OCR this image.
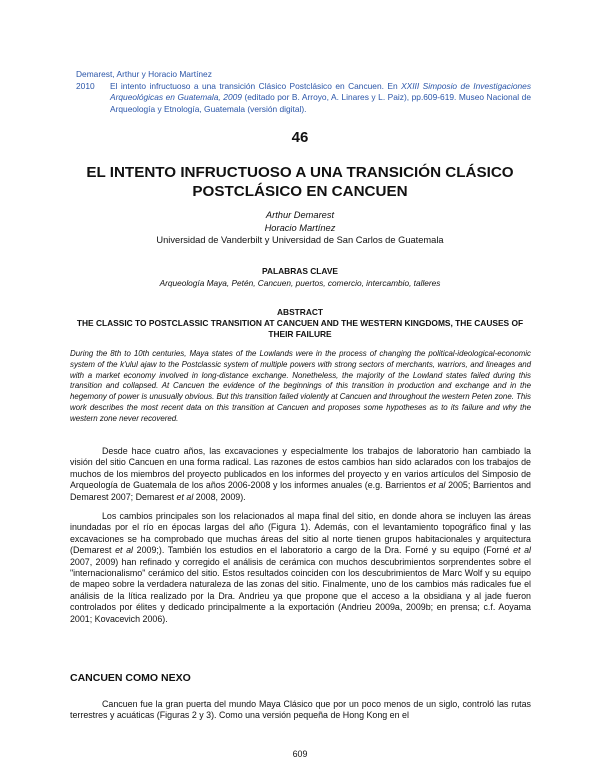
Demarest, Arthur y Horacio Martínez
2010	El intento infructuoso a una transición Clásico Postclásico en Cancuen. En XXIII Simposio de Investigaciones Arqueológicas en Guatemala, 2009 (editado por B. Arroyo, A. Linares y L. Paiz), pp.609-619. Museo Nacional de Arqueología y Etnología, Guatemala (versión digital).
46
EL INTENTO INFRUCTUOSO A UNA TRANSICIÓN CLÁSICO POSTCLÁSICO EN CANCUEN
Arthur Demarest
Horacio Martínez
Universidad de Vanderbilt y Universidad de San Carlos de Guatemala
PALABRAS CLAVE
Arqueología Maya, Petén, Cancuen, puertos, comercio, intercambio, talleres
ABSTRACT
THE CLASSIC TO POSTCLASSIC TRANSITION AT CANCUEN AND THE WESTERN KINGDOMS, THE CAUSES OF THEIR FAILURE
During the 8th to 10th centuries, Maya states of the Lowlands were in the process of changing the political-ideological-economic system of the k'ulul ajaw to the Postclassic system of multiple powers with strong sectors of merchants, warriors, and lineages and with a market economy involved in long-distance exchange. Nonetheless, the majority of the Lowland states failed during this transition and collapsed. At Cancuen the evidence of the beginnings of this transition in production and exchange and in the hegemony of power is unusually obvious. But this transition failed violently at Cancuen and throughout the western Peten zone. This work describes the most recent data on this transition at Cancuen and proposes some hypotheses as to its failure and why the western zone never recovered.

Desde hace cuatro años, las excavaciones y especialmente los trabajos de laboratorio han cambiado la visión del sitio Cancuen en una forma radical. Las razones de estos cambios han sido aclarados con los trabajos de muchos de los miembros del proyecto publicados en los informes del proyecto y en varios artículos del Simposio de Arqueología de Guatemala de los años 2006-2008 y los informes anuales (e.g. Barrientos et al 2005; Barrientos and Demarest 2007; Demarest et al 2008, 2009).

Los cambios principales son los relacionados al mapa final del sitio, en donde ahora se incluyen las áreas inundadas por el río en épocas largas del año (Figura 1). Además, con el levantamiento topográfico final y las excavaciones se ha comprobado que muchas áreas del sitio al norte tienen grupos habitacionales y arquitectura (Demarest et al 2009;). También los estudios en el laboratorio a cargo de la Dra. Forné y su equipo (Forné et al 2007, 2009) han refinado y corregido el análisis de cerámica con muchos descubrimientos sorprendentes sobre el "internacionalismo" cerámico del sitio. Estos resultados coinciden con los descubrimientos de Marc Wolf y su equipo de mapeo sobre la verdadera naturaleza de las zonas del sitio. Finalmente, uno de los cambios más radicales fue el análisis de la lítica realizado por la Dra. Andrieu ya que propone que el acceso a la obsidiana y al jade fueron controlados por élites y dedicado principalmente a la exportación (Andrieu 2009a, 2009b; en prensa; c.f. Aoyama 2001; Kovacevich 2006).

CANCUEN COMO NEXO

Cancuen fue la gran puerta del mundo Maya Clásico que por un poco menos de un siglo, controló las rutas terrestres y acuáticas (Figuras 2 y 3). Como una versión pequeña de Hong Kong en el

609
